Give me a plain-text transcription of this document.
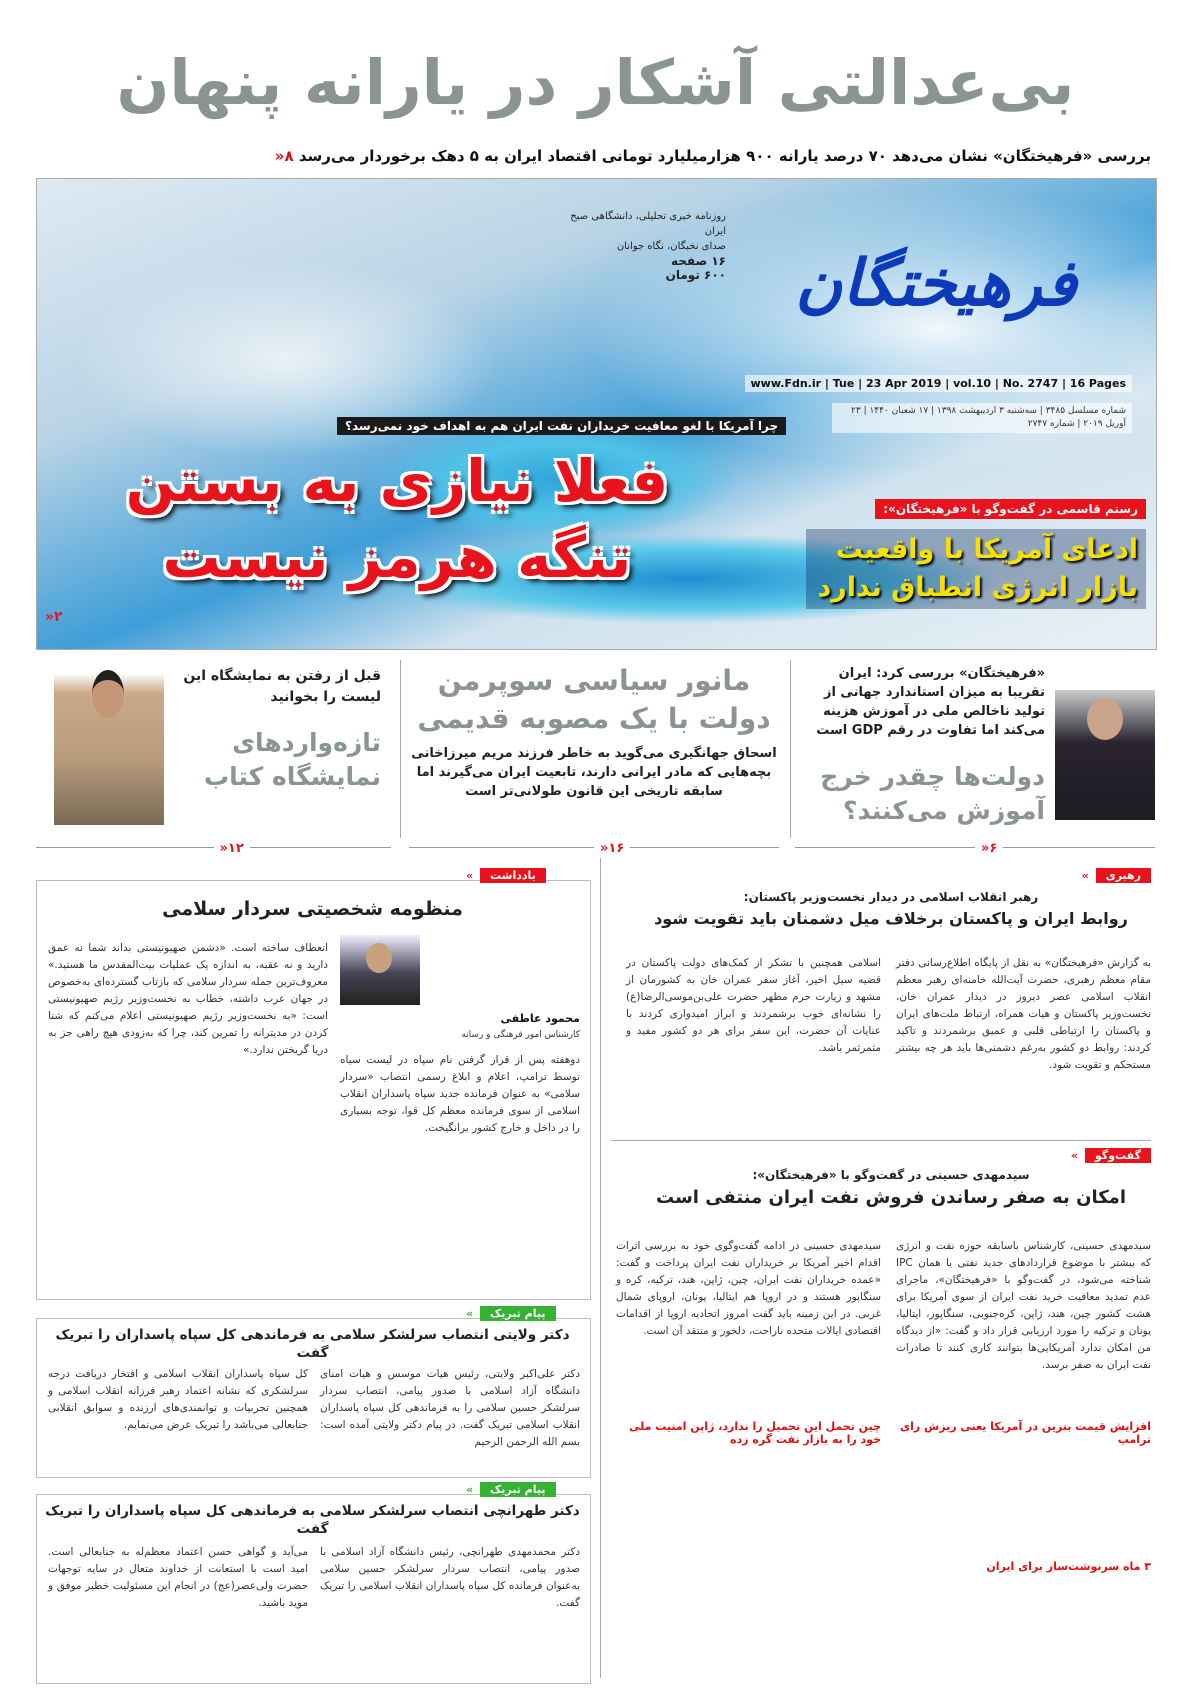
بی‌عدالتی آشکار در یارانه پنهان
بررسی «فرهیختگان» نشان می‌دهد ۷۰ درصد یارانه ۹۰۰ هزارمیلیارد تومانی اقتصاد ایران به ۵ دهک برخوردار می‌رسد ۸«
فرهیختگان
روزنامه خبری تحلیلی، دانشگاهی صبح ایران
صدای نخبگان، نگاه جوانان
۱۶ صفحه
۶۰۰ تومان
www.Fdn.ir | Tue | 23 Apr 2019 | vol.10 | No. 2747 | 16 Pages
شماره مسلسل ۳۴۸۵ | سه‌شنبه ۳ اردیبهشت ۱۳۹۸ | ۱۷ شعبان ۱۴۴۰ | ۲۳ آوریل ۲۰۱۹ | شماره ۲۷۴۷
چرا آمریکا با لغو معافیت خریداران نفت ایران هم به اهداف خود نمی‌رسد؟
فعلا نیازی به بستن
تنگه هرمز نیست
۲«
رستم قاسمی در گفت‌وگو با «فرهیختگان»:
ادعای آمریکا با واقعیت بازار انرژی انطباق ندارد
«فرهیختگان» بررسی کرد: ایران تقریبا به میزان استاندارد جهانی از تولید ناخالص ملی در آموزش هزینه می‌کند اما تفاوت در رقم GDP است
دولت‌ها چقدر خرج آموزش می‌کنند؟
۶«
مانور سیاسی سوپرمن دولت با یک مصوبه قدیمی
اسحاق جهانگیری می‌گوید به خاطر فرزند مریم میرزاخانی بچه‌هایی که مادر ایرانی دارند، تابعیت ایران می‌گیرند اما سابقه تاریخی این قانون طولانی‌تر است
۱۶«
قبل از رفتن به نمایشگاه این لیست را بخوانید
تازه‌واردهای نمایشگاه کتاب
۱۲«
رهبری »
رهبر انقلاب اسلامی در دیدار نخست‌وزیر پاکستان:
روابط ایران و پاکستان برخلاف میل دشمنان باید تقویت شود
به گزارش «فرهیختگان» به نقل از پایگاه اطلاع‌رسانی دفتر مقام معظم رهبری، حضرت آیت‌الله خامنه‌ای رهبر معظم انقلاب اسلامی عصر دیروز در دیدار عمران خان، نخست‌وزیر پاکستان و هیات همراه، ارتباط ملت‌های ایران و پاکستان را ارتباطی قلبی و عمیق برشمردند و تاکید کردند: روابط دو کشور به‌رغم دشمنی‌ها باید هر چه بیشتر مستحکم و تقویت شود.
اسلامی همچنین با تشکر از کمک‌های دولت پاکستان در قضیه سیل اخیر، آغاز سفر عمران خان به کشورمان از مشهد و زیارت حرم مطهر حضرت علی‌بن‌موسی‌الرضا(ع) را نشانه‌ای خوب برشمردند و ابراز امیدواری کردند با عنایات آن حضرت، این سفر برای هر دو کشور مفید و مثمرثمر باشد.
گفت‌وگو »
سیدمهدی حسینی در گفت‌وگو با «فرهیختگان»:
امکان به صفر رساندن فروش نفت ایران منتفی است
سیدمهدی حسینی، کارشناس باسابقه حوزه نفت و انرژی که بیشتر با موضوع قراردادهای جدید نفتی یا همان IPC شناخته می‌شود، در گفت‌وگو با «فرهیختگان»، ماجرای عدم تمدید معافیت خرید نفت ایران از سوی آمریکا برای هشت کشور چین، هند، ژاپن، کره‌جنوبی، سنگاپور، ایتالیا، یونان و ترکیه را مورد ارزیابی قرار داد و گفت: «از دیدگاه من امکان ندارد آمریکایی‌ها بتوانند کاری کنند تا صادرات نفت ایران به صفر برسد.
افزایش قیمت بنزین در آمریکا یعنی ریزش رای ترامپ
۳ ماه سرنوشت‌ساز برای ایران
سیدمهدی حسینی در ادامه گفت‌وگوی خود به بررسی اثرات اقدام اخیر آمریکا بر خریداران نفت ایران پرداخت و گفت: «عمده خریداران نفت ایران، چین، ژاپن، هند، ترکیه، کره و سنگاپور هستند و در اروپا هم ایتالیا، یونان، اروپای شمال غربی. در این زمینه باید گفت امروز اتحادیه اروپا از اقدامات اقتصادی ایالات متحده ناراحت، دلخور و منتقد آن است.
چین تحمل این تحمیل را ندارد، ژاپن امنیت ملی خود را به بازار نفت گره زده
یادداشت »
منظومه شخصیتی سردار سلامی
محمود عاطفی
کارشناس امور فرهنگی و رسانه
دوهفته پس از قرار گرفتن نام سپاه در لیست سیاه توسط ترامپ، اعلام و ابلاغ رسمی انتصاب «سردار سلامی» به عنوان فرمانده جدید سپاه پاسداران انقلاب اسلامی از سوی فرمانده معظم کل قوا، توجه بسیاری را در داخل و خارج کشور برانگیخت.
انعطاف ساخته است. «دشمن صهیونیستی بداند شما نه عمق دارید و نه عقبه، به اندازه یک عملیات بیت‌المقدس ما هستید.» معروف‌ترین جمله سردار سلامی که بازتاب گسترده‌ای به‌خصوص در جهان عرب داشته، خطاب به نخست‌وزیر رژیم صهیونیستی است: «به نخست‌وزیر رژیم صهیونیستی اعلام می‌کنم که شنا کردن در مدیترانه را تمرین کند، چرا که به‌زودی هیچ راهی جز به دریا گریختن ندارد.»
پیام تبریک »
دکتر ولایتی انتصاب سرلشکر سلامی به فرماندهی کل سپاه پاسداران را تبریک گفت
دکتر علی‌اکبر ولایتی، رئیس هیات موسس و هیات امنای دانشگاه آزاد اسلامی با صدور پیامی، انتصاب سردار سرلشکر حسین سلامی را به فرماندهی کل سپاه پاسداران انقلاب اسلامی تبریک گفت. در پیام دکتر ولایتی آمده است: بسم الله الرحمن الرحیم
کل سپاه پاسداران انقلاب اسلامی و افتخار دریافت درجه سرلشکری که نشانه اعتماد رهبر فرزانه انقلاب اسلامی و همچنین تجربیات و توانمندی‌های ارزنده و سوابق انقلابی جنابعالی می‌باشد را تبریک عرض می‌نمایم.
پیام تبریک »
دکتر طهرانچی انتصاب سرلشکر سلامی به فرماندهی کل سپاه پاسداران را تبریک گفت
دکتر محمدمهدی طهرانچی، رئیس دانشگاه آزاد اسلامی با صدور پیامی، انتصاب سردار سرلشکر حسین سلامی به‌عنوان فرمانده کل سپاه پاسداران انقلاب اسلامی را تبریک گفت.
می‌آید و گواهی حسن اعتماد معظم‌له به جنابعالی است. امید است با استعانت از خداوند متعال در سایه توجهات حضرت ولی‌عصر(عج) در انجام این مسئولیت خطیر موفق و موید باشید.
